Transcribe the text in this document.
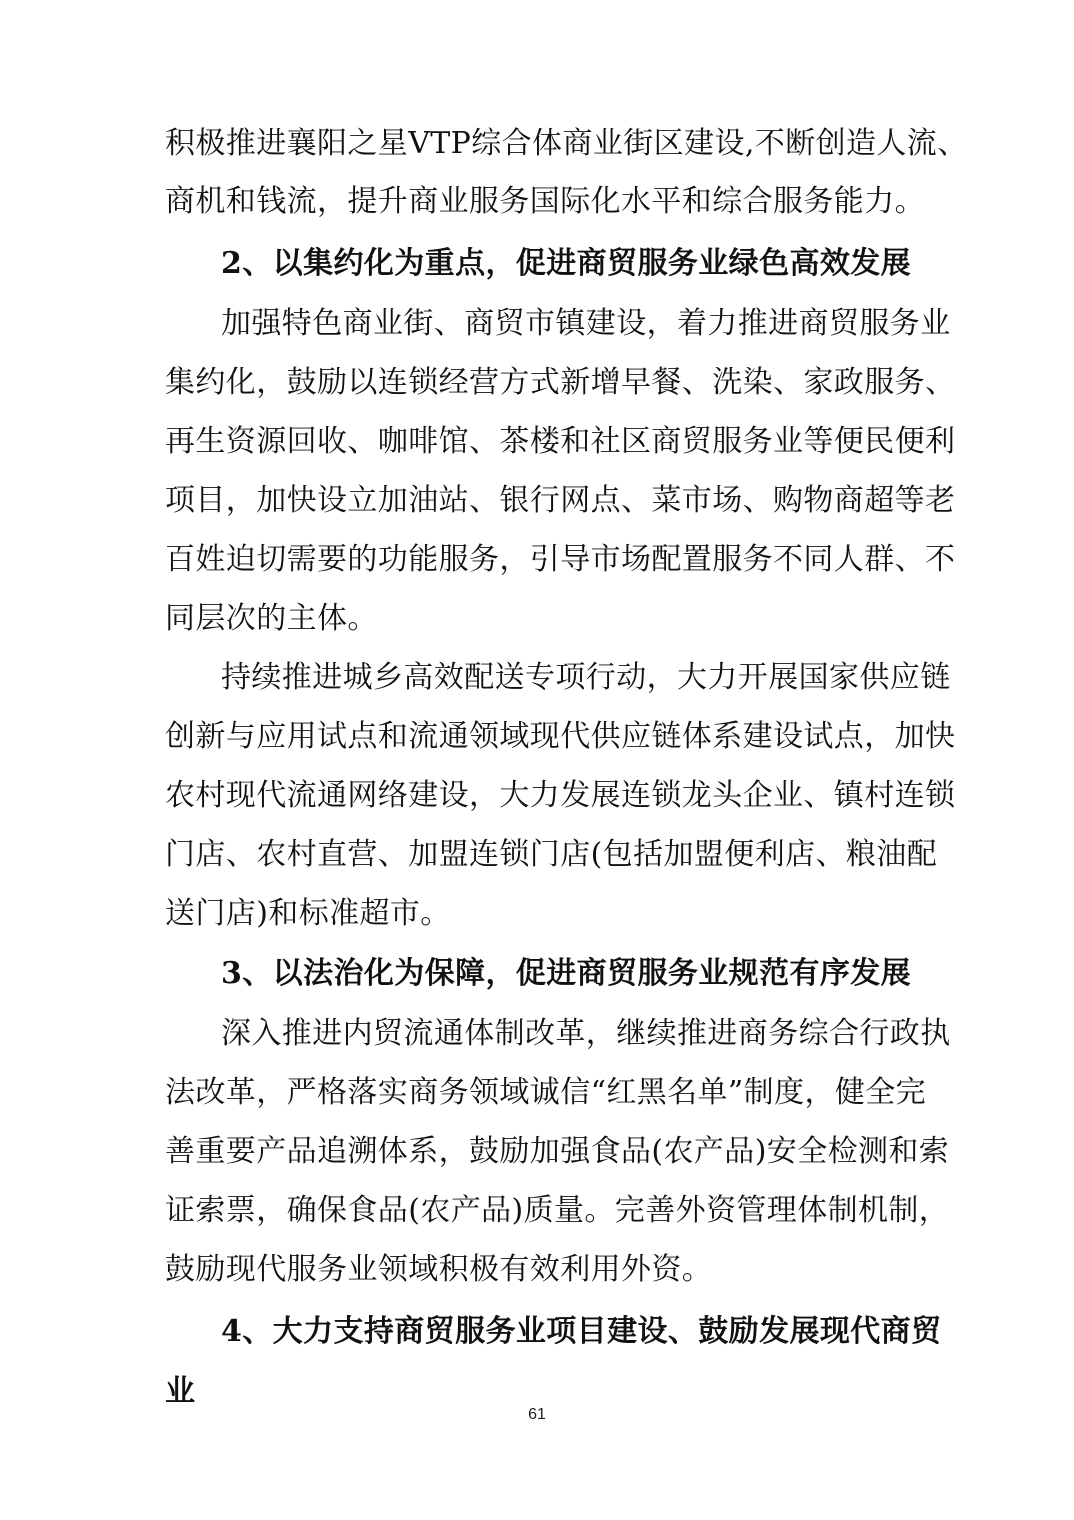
积极推进襄阳之星VTP综合体商业街区建设,不断创造人流、
商机和钱流，提升商业服务国际化水平和综合服务能力。
2、以集约化为重点，促进商贸服务业绿色高效发展
加强特色商业街、商贸市镇建设，着力推进商贸服务业
集约化，鼓励以连锁经营方式新增早餐、洗染、家政服务、
再生资源回收、咖啡馆、茶楼和社区商贸服务业等便民便利
项目，加快设立加油站、银行网点、菜市场、购物商超等老
百姓迫切需要的功能服务，引导市场配置服务不同人群、不
同层次的主体。
持续推进城乡高效配送专项行动，大力开展国家供应链
创新与应用试点和流通领域现代供应链体系建设试点，加快
农村现代流通网络建设，大力发展连锁龙头企业、镇村连锁
门店、农村直营、加盟连锁门店(包括加盟便利店、粮油配
送门店)和标准超市。
3、以法治化为保障，促进商贸服务业规范有序发展
深入推进内贸流通体制改革，继续推进商务综合行政执
法改革，严格落实商务领域诚信“红黑名单”制度，健全完
善重要产品追溯体系，鼓励加强食品(农产品)安全检测和索
证索票，确保食品(农产品)质量。完善外资管理体制机制，
鼓励现代服务业领域积极有效利用外资。
4、大力支持商贸服务业项目建设、鼓励发展现代商贸
业
61
